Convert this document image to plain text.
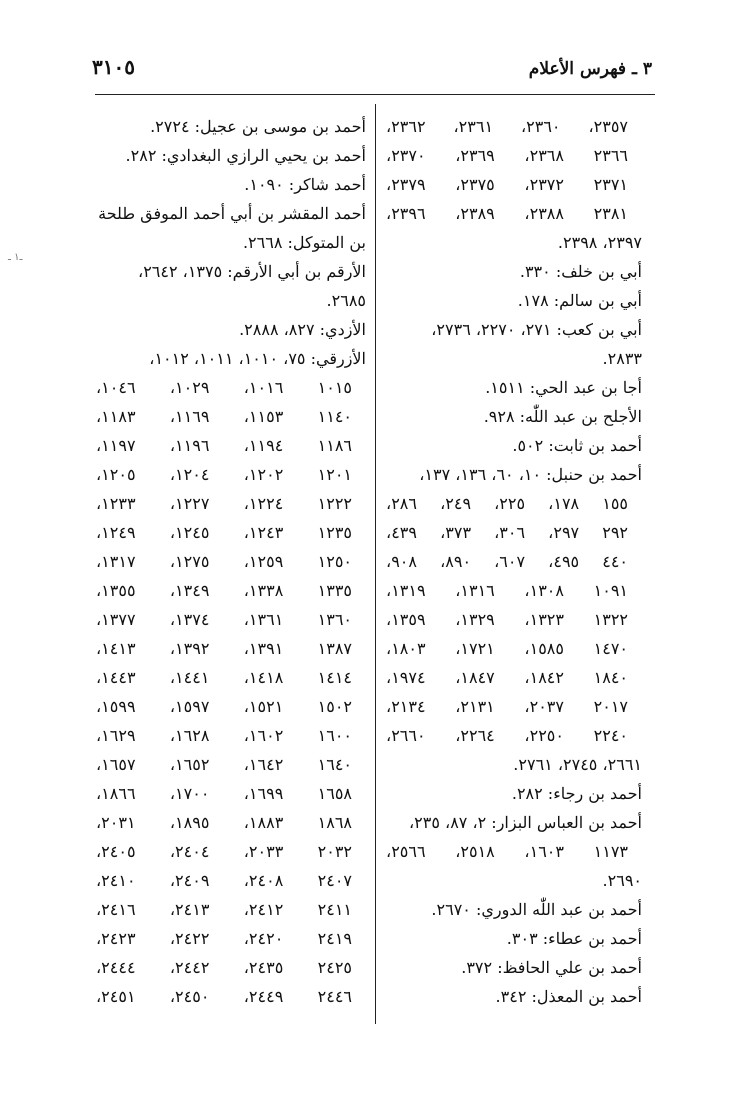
٣ ـ فهرس الأعلام
٣١٠٥
ـ١ ـ
٢٣٥٧،
٢٣٦٠،
٢٣٦١،
٢٣٦٢،
٢٣٦٦
٢٣٦٨،
٢٣٦٩،
٢٣٧٠،
٢٣٧١
٢٣٧٢،
٢٣٧٥،
٢٣٧٩،
٢٣٨١
٢٣٨٨،
٢٣٨٩،
٢٣٩٦،
٢٣٩٧، ٢٣٩٨.
أبي بن خلف: ٣٣٠.
أبي بن سالم: ١٧٨.
أبي بن كعب: ٢٧١، ٢٢٧٠، ٢٧٣٦،
٢٨٣٣.
أجا بن عبد الحي: ١٥١١.
الأجلح بن عبد اللّٰه: ٩٢٨.
أحمد بن ثابت: ٥٠٢.
أحمد بن حنبل: ١٠، ٦٠، ١٣٦، ١٣٧،
١٥٥
١٧٨،
٢٢٥،
٢٤٩،
٢٨٦،
٢٩٢
٢٩٧،
٣٠٦،
٣٧٣،
٤٣٩،
٤٤٠
٤٩٥،
٦٠٧،
٨٩٠،
٩٠٨،
١٠٩١
١٣٠٨،
١٣١٦،
١٣١٩،
١٣٢٢
١٣٢٣،
١٣٢٩،
١٣٥٩،
١٤٧٠
١٥٨٥،
١٧٢١،
١٨٠٣،
١٨٤٠
١٨٤٢،
١٨٤٧،
١٩٧٤،
٢٠١٧
٢٠٣٧،
٢١٣١،
٢١٣٤،
٢٢٤٠
٢٢٥٠،
٢٢٦٤،
٢٦٦٠،
٢٦٦١، ٢٧٤٥، ٢٧٦١.
أحمد بن رجاء: ٢٨٢.
أحمد بن العباس البزار: ٢، ٨٧، ٢٣٥،
١١٧٣
١٦٠٣،
٢٥١٨،
٢٥٦٦،
٢٦٩٠.
أحمد بن عبد اللّٰه الدوري: ٢٦٧٠.
أحمد بن عطاء: ٣٠٣.
أحمد بن علي الحافظ: ٣٧٢.
أحمد بن المعذل: ٣٤٢.
أحمد بن موسى بن عجيل: ٢٧٢٤.
أحمد بن يحيي الرازي البغدادي: ٢٨٢.
أحمد شاكر: ١٠٩٠.
أحمد المقشر بن أبي أحمد الموفق طلحة
بن المتوكل: ٢٦٦٨.
الأرقم بن أبي الأرقم: ١٣٧٥، ٢٦٤٢،
٢٦٨٥.
الأزدي: ٨٢٧، ٢٨٨٨.
الأزرقي: ٧٥، ١٠١٠، ١٠١١، ١٠١٢،
١٠١٥
١٠١٦،
١٠٢٩،
١٠٤٦،
١١٤٠
١١٥٣،
١١٦٩،
١١٨٣،
١١٨٦
١١٩٤،
١١٩٦،
١١٩٧،
١٢٠١
١٢٠٢،
١٢٠٤،
١٢٠٥،
١٢٢٢
١٢٢٤،
١٢٢٧،
١٢٣٣،
١٢٣٥
١٢٤٣،
١٢٤٥،
١٢٤٩،
١٢٥٠
١٢٥٩،
١٢٧٥،
١٣١٧،
١٣٣٥
١٣٣٨،
١٣٤٩،
١٣٥٥،
١٣٦٠
١٣٦١،
١٣٧٤،
١٣٧٧،
١٣٨٧
١٣٩١،
١٣٩٢،
١٤١٣،
١٤١٤
١٤١٨،
١٤٤١،
١٤٤٣،
١٥٠٢
١٥٢١،
١٥٩٧،
١٥٩٩،
١٦٠٠
١٦٠٢،
١٦٢٨،
١٦٢٩،
١٦٤٠
١٦٤٢،
١٦٥٢،
١٦٥٧،
١٦٥٨
١٦٩٩،
١٧٠٠،
١٨٦٦،
١٨٦٨
١٨٨٣،
١٨٩٥،
٢٠٣١،
٢٠٣٢
٢٠٣٣،
٢٤٠٤،
٢٤٠٥،
٢٤٠٧
٢٤٠٨،
٢٤٠٩،
٢٤١٠،
٢٤١١
٢٤١٢،
٢٤١٣،
٢٤١٦،
٢٤١٩
٢٤٢٠،
٢٤٢٢،
٢٤٢٣،
٢٤٢٥
٢٤٣٥،
٢٤٤٢،
٢٤٤٤،
٢٤٤٦
٢٤٤٩،
٢٤٥٠،
٢٤٥١،
